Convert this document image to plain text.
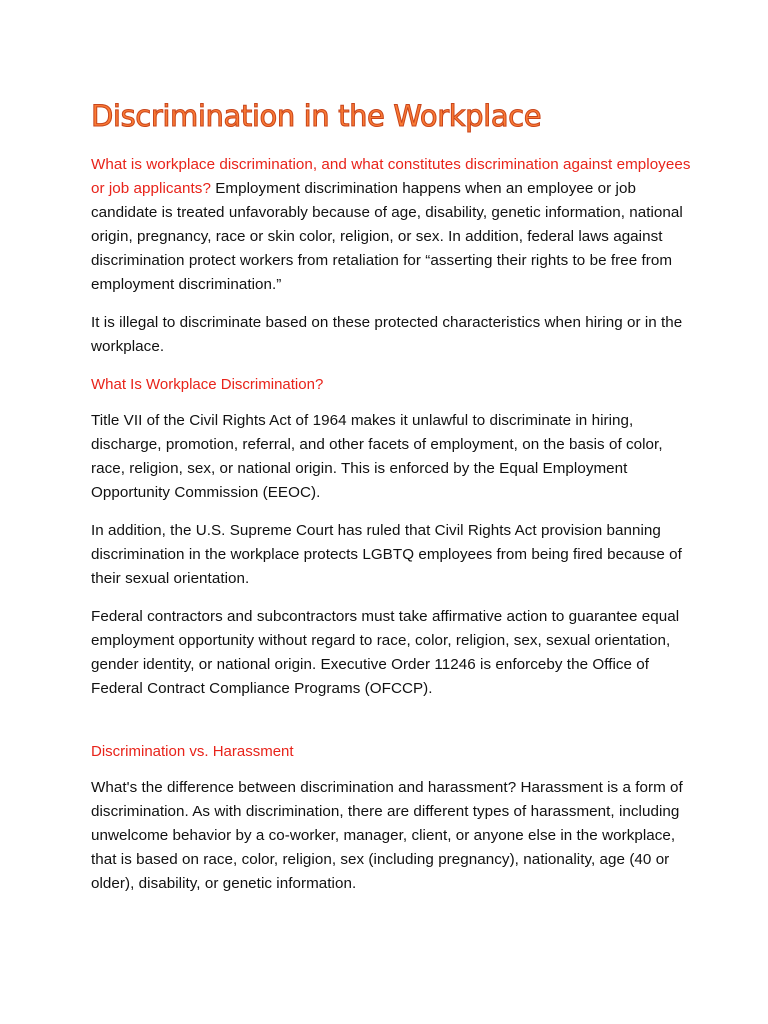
Discrimination in the Workplace

What is workplace discrimination, and what constitutes discrimination against employees or job applicants? Employment discrimination happens when an employee or job candidate is treated unfavorably because of age, disability, genetic information, national origin, pregnancy, race or skin color, religion, or sex. In addition, federal laws against discrimination protect workers from retaliation for “asserting their rights to be free from employment discrimination.”

It is illegal to discriminate based on these protected characteristics when hiring or in the workplace.

What Is Workplace Discrimination?

Title VII of the Civil Rights Act of 1964 makes it unlawful to discriminate in hiring, discharge, promotion, referral, and other facets of employment, on the basis of color, race, religion, sex, or national origin. This is enforced by the Equal Employment Opportunity Commission (EEOC).

In addition, the U.S. Supreme Court has ruled that Civil Rights Act provision banning discrimination in the workplace protects LGBTQ employees from being fired because of their sexual orientation.

Federal contractors and subcontractors must take affirmative action to guarantee equal employment opportunity without regard to race, color, religion, sex, sexual orientation, gender identity, or national origin. Executive Order 11246 is enforceby the Office of Federal Contract Compliance Programs (OFCCP).

Discrimination vs. Harassment

What's the difference between discrimination and harassment? Harassment is a form of discrimination. As with discrimination, there are different types of harassment, including unwelcome behavior by a co-worker, manager, client, or anyone else in the workplace, that is based on race, color, religion, sex (including pregnancy), nationality, age (40 or older), disability, or genetic information.
